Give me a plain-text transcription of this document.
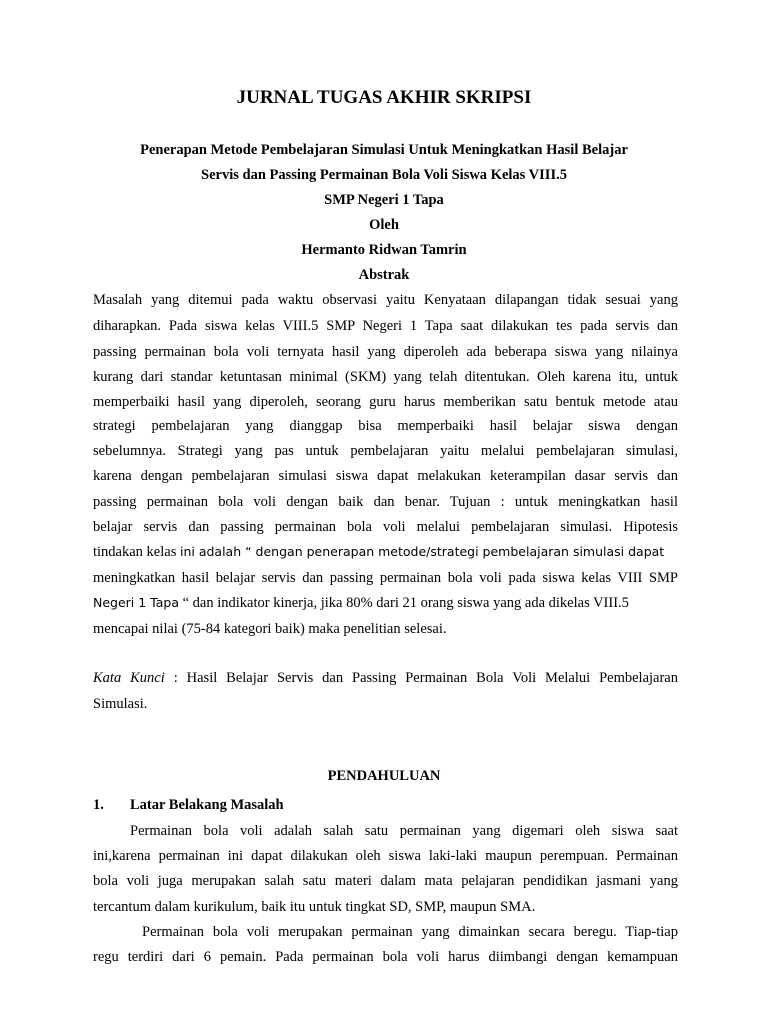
JURNAL TUGAS AKHIR SKRIPSI
Penerapan Metode Pembelajaran Simulasi Untuk Meningkatkan Hasil Belajar
Servis dan Passing Permainan Bola Voli Siswa Kelas VIII.5
SMP Negeri 1 Tapa
Oleh
Hermanto Ridwan Tamrin
Abstrak
Masalah yang ditemui pada waktu observasi yaitu Kenyataan dilapangan tidak sesuai yang
diharapkan. Pada siswa kelas VIII.5 SMP Negeri 1 Tapa saat dilakukan tes pada servis dan
passing permainan bola voli ternyata hasil yang diperoleh ada beberapa siswa yang nilainya
kurang dari standar ketuntasan minimal (SKM) yang telah ditentukan. Oleh karena itu, untuk
memperbaiki hasil yang diperoleh, seorang guru harus memberikan satu bentuk metode atau
strategi pembelajaran yang dianggap bisa memperbaiki hasil belajar siswa dengan
sebelumnya. Strategi yang pas untuk pembelajaran yaitu melalui pembelajaran simulasi,
karena dengan pembelajaran simulasi siswa dapat melakukan keterampilan dasar servis dan
passing permainan bola voli dengan baik dan benar. Tujuan : untuk meningkatkan hasil
belajar servis dan passing permainan bola voli melalui pembelajaran simulasi. Hipotesis
tindakan kelas ini adalah “ dengan penerapan metode/strategi pembelajaran simulasi dapat
meningkatkan hasil belajar servis dan passing permainan bola voli pada siswa kelas VIII SMP
Negeri 1 Tapa “ dan indikator kinerja, jika 80% dari 21 orang siswa yang ada dikelas VIII.5
mencapai nilai (75-84 kategori baik) maka penelitian selesai.
Kata Kunci : Hasil Belajar Servis dan Passing Permainan Bola Voli Melalui Pembelajaran
Simulasi.
PENDAHULUAN
1.	Latar Belakang Masalah
Permainan bola voli adalah salah satu permainan yang digemari oleh siswa saat
ini,karena permainan ini dapat dilakukan oleh siswa laki-laki maupun perempuan. Permainan
bola voli juga merupakan salah satu materi dalam mata pelajaran pendidikan jasmani yang
tercantum dalam kurikulum, baik itu untuk tingkat SD, SMP, maupun SMA.
Permainan bola voli merupakan permainan yang dimainkan secara beregu. Tiap-tiap
regu terdiri dari 6 pemain. Pada permainan bola voli harus diimbangi dengan kemampuan
